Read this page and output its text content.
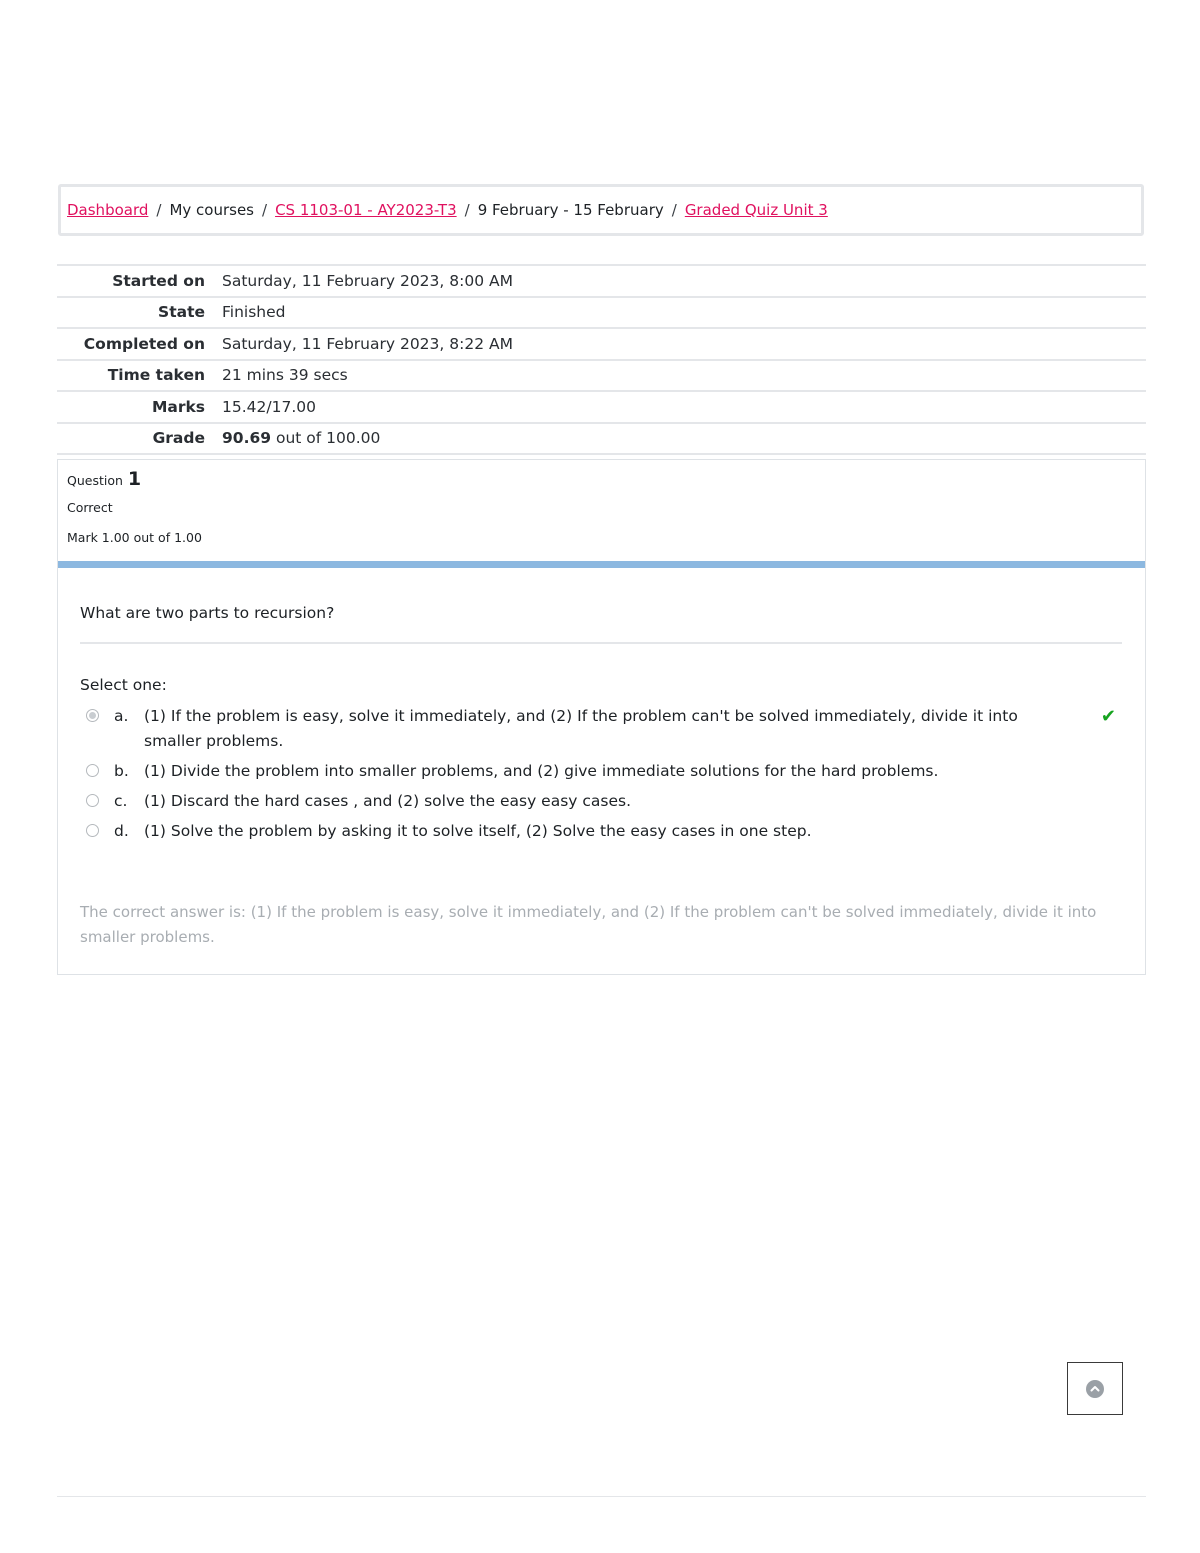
Dashboard / My courses / CS 1103-01 - AY2023-T3 / 9 February - 15 February / Graded Quiz Unit 3
Started on	Saturday, 11 February 2023, 8:00 AM
State	Finished
Completed on	Saturday, 11 February 2023, 8:22 AM
Time taken	21 mins 39 secs
Marks	15.42/17.00
Grade	90.69 out of 100.00
Question 1
Correct
Mark 1.00 out of 1.00
What are two parts to recursion?
Select one:
a.	(1) If the problem is easy, solve it immediately, and (2) If the problem can't be solved immediately, divide it into smaller problems.
✔
b. (1) Divide the problem into smaller problems, and (2) give immediate solutions for the hard problems.
c.	(1) Discard the hard cases , and (2) solve the easy easy cases.
d. (1) Solve the problem by asking it to solve itself, (2) Solve the easy cases in one step.
The correct answer is: (1) If the problem is easy, solve it immediately, and (2) If the problem can't be solved immediately, divide it into smaller problems.
